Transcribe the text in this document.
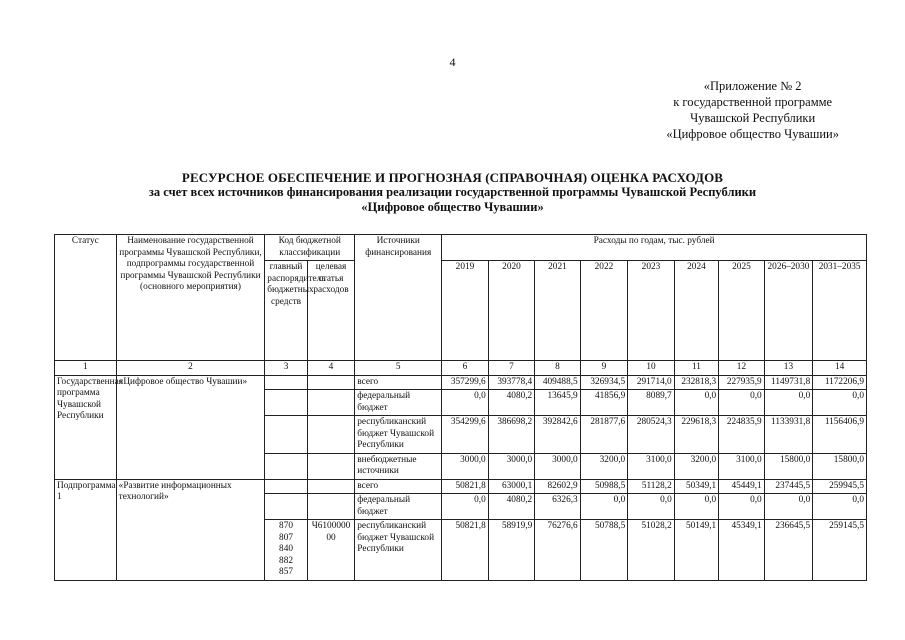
4
«Приложение № 2
к государственной программе
Чувашской Республики
«Цифровое общество Чувашии»
РЕСУРСНОЕ ОБЕСПЕЧЕНИЕ И ПРОГНОЗНАЯ (СПРАВОЧНАЯ) ОЦЕНКА РАСХОДОВ
за счет всех источников финансирования реализации государственной программы Чувашской Республики
«Цифровое общество Чувашии»
Статус	Наименование государственной программы Чувашской Республики, подпрограммы государственной программы Чувашской Республики (основного мероприятия)	Код бюджетной классификации		Источники финансирования	Расходы по годам, тыс. рублей								
		главный распорядитель бюджетных средств	целевая статья расходов		2019	2020	2021	2022	2023	2024	2025	2026–2030	2031–2035
1	2	3	4	5	6	7	8	9	10	11	12	13	14
Государственная программа Чувашской Республики	«Цифровое общество Чувашии»			всего	357299,6	393778,4	409488,5	326934,5	291714,0	232818,3	227935,9	1149731,8	1172206,9
				федеральный бюджет	0,0	4080,2	13645,9	41856,9	8089,7	0,0	0,0	0,0	0,0
				республиканский бюджет Чувашской Республики	354299,6	386698,2	392842,6	281877,6	280524,3	229618,3	224835,9	1133931,8	1156406,9
				внебюджетные источники	3000,0	3000,0	3000,0	3200,0	3100,0	3200,0	3100,0	15800,0	15800,0
Подпрограмма 1	«Развитие информационных технологий»			всего	50821,8	63000,1	82602,9	50988,5	51128,2	50349,1	45449,1	237445,5	259945,5
				федеральный бюджет	0,0	4080,2	6326,3	0,0	0,0	0,0	0,0	0,0	0,0

		870
807
840
882
857	Ч610000000	республиканский бюджет Чувашской Республики	50821,8	58919,9	76276,6	50788,5	51028,2	50149,1	45349,1	236645,5	259145,5
